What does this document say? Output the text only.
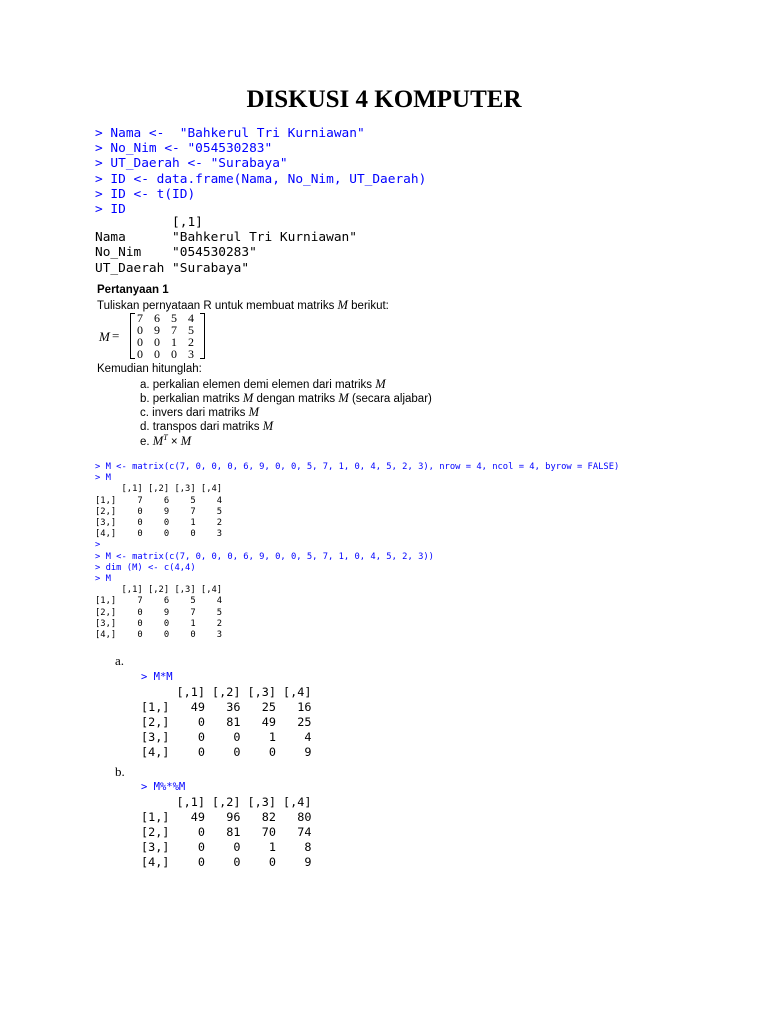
DISKUSI 4 KOMPUTER
> Nama <-  "Bahkerul Tri Kurniawan"
> No_Nim <- "054530283"
> UT_Daerah <- "Surabaya"
> ID <- data.frame(Nama, No_Nim, UT_Daerah)
> ID <- t(ID)
> ID
[,1]
Nama      "Bahkerul Tri Kurniawan"
No_Nim    "054530283"
UT_Daerah "Surabaya"
Pertanyaan 1
Tuliskan pernyataan R untuk membuat matriks M berikut:
M =
7 6 5 4
0 9 7 5
0 0 1 2
0 0 0 3
Kemudian hitunglah:
a. perkalian elemen demi elemen dari matriks M
b. perkalian matriks M dengan matriks M (secara aljabar)
c. invers dari matriks M
d. transpos dari matriks M
e. $M^T \times M$
> M <- matrix(c(7, 0, 0, 0, 6, 9, 0, 0, 5, 7, 1, 0, 4, 5, 2, 3), nrow = 4, ncol = 4, byrow = FALSE)
> M
[,1] [,2] [,3] [,4]
[1,]    7    6    5    4
[2,]    0    9    7    5
[3,]    0    0    1    2
[4,]    0    0    0    3
>
> M <- matrix(c(7, 0, 0, 0, 6, 9, 0, 0, 5, 7, 1, 0, 4, 5, 2, 3))
> dim (M) <- c(4,4)
> M
[,1] [,2] [,3] [,4]
[1,]    7    6    5    4
[2,]    0    9    7    5
[3,]    0    0    1    2
[4,]    0    0    0    3
a.
> M*M
[,1] [,2] [,3] [,4]
[1,]   49   36   25   16
[2,]    0   81   49   25
[3,]    0    0    1    4
[4,]    0    0    0    9
b.
> M%*%M
[,1] [,2] [,3] [,4]
[1,]   49   96   82   80
[2,]    0   81   70   74
[3,]    0    0    1    8
[4,]    0    0    0    9
